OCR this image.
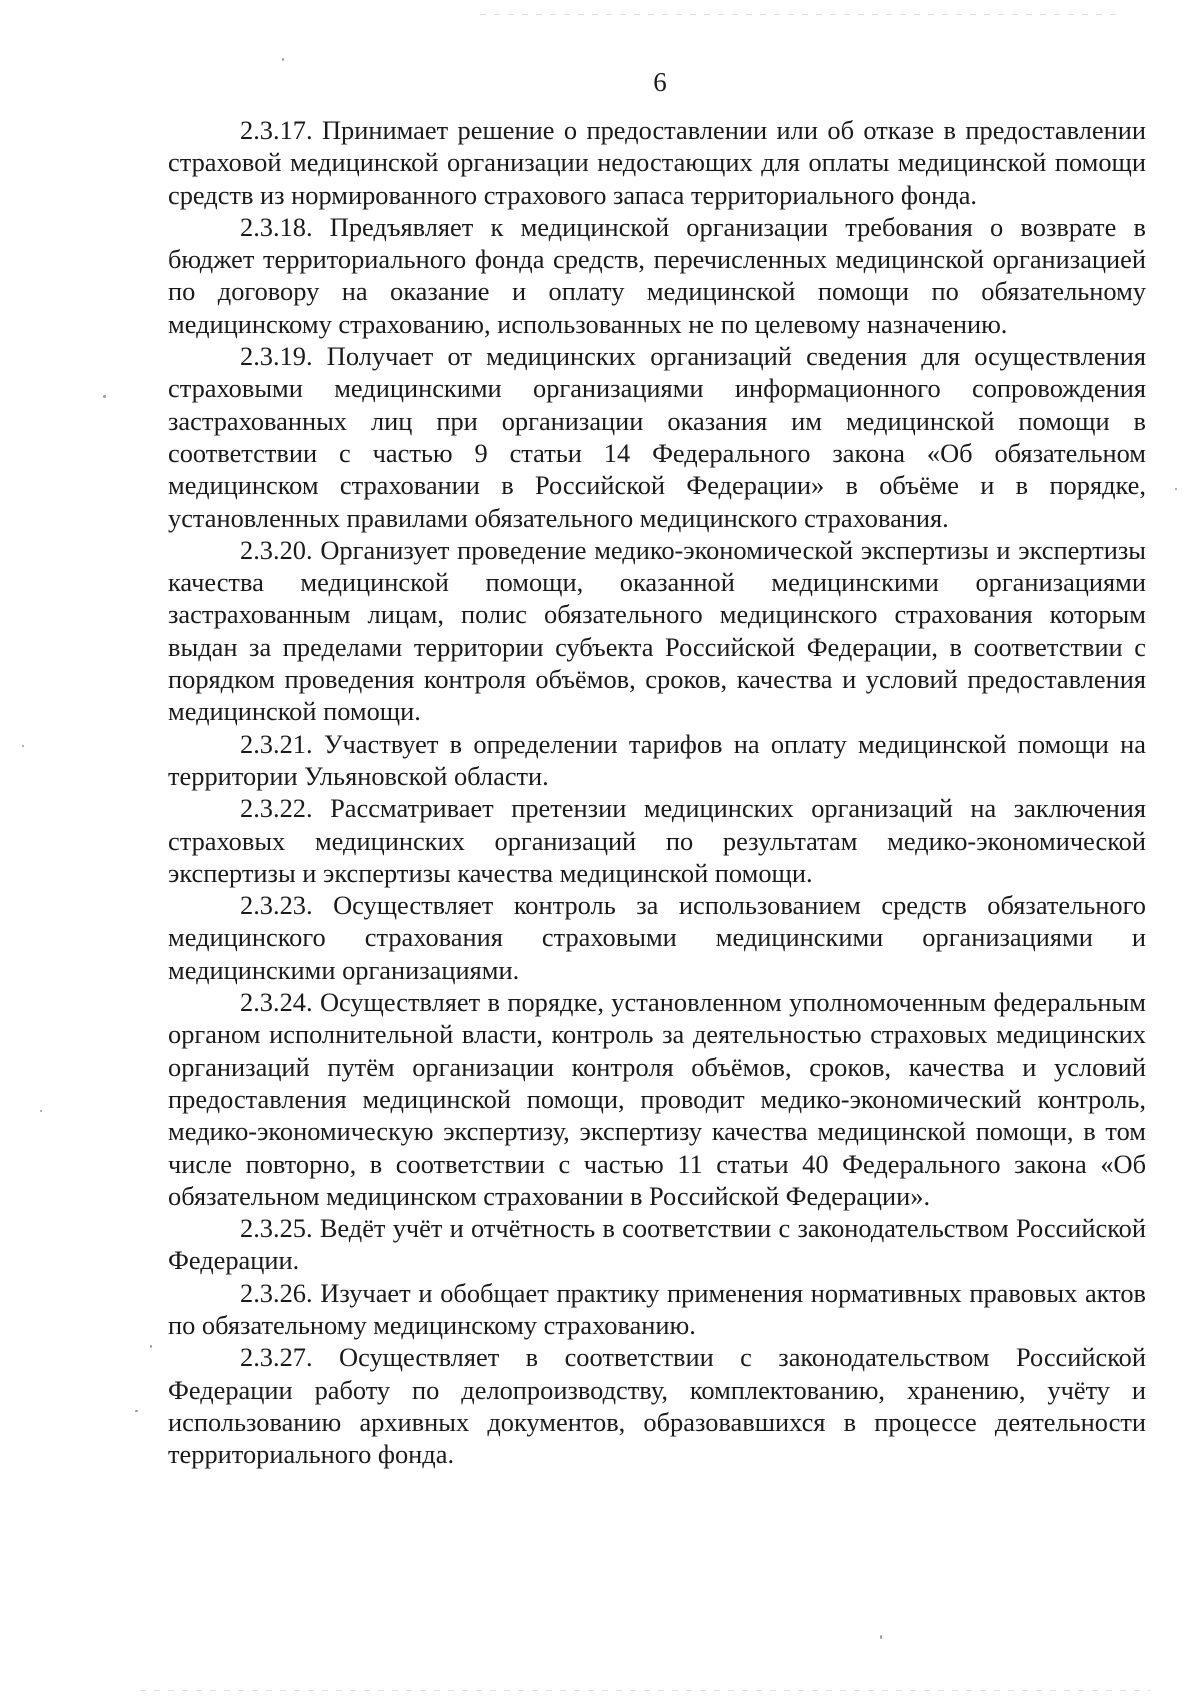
6

2.3.17. Принимает решение о предоставлении или об отказе в предоставлении страховой медицинской организации недостающих для оплаты медицинской помощи средств из нормированного страхового запаса территориального фонда.

2.3.18. Предъявляет к медицинской организации требования о возврате в бюджет территориального фонда средств, перечисленных медицинской организацией по договору на оказание и оплату медицинской помощи по обязательному медицинскому страхованию, использованных не по целевому назначению.

2.3.19. Получает от медицинских организаций сведения для осуществления страховыми медицинскими организациями информационного сопровождения застрахованных лиц при организации оказания им медицинской помощи в соответствии с частью 9 статьи 14 Федерального закона «Об обязательном медицинском страховании в Российской Федерации» в объёме и в порядке, установленных правилами обязательного медицинского страхования.

2.3.20. Организует проведение медико-экономической экспертизы и экспертизы качества медицинской помощи, оказанной медицинскими организациями застрахованным лицам, полис обязательного медицинского страхования которым выдан за пределами территории субъекта Российской Федерации, в соответствии с порядком проведения контроля объёмов, сроков, качества и условий предоставления медицинской помощи.

2.3.21. Участвует в определении тарифов на оплату медицинской помощи на территории Ульяновской области.

2.3.22. Рассматривает претензии медицинских организаций на заключения страховых медицинских организаций по результатам медико-экономической экспертизы и экспертизы качества медицинской помощи.

2.3.23. Осуществляет контроль за использованием средств обязательного медицинского страхования страховыми медицинскими организациями и медицинскими организациями.

2.3.24. Осуществляет в порядке, установленном уполномоченным федеральным органом исполнительной власти, контроль за деятельностью страховых медицинских организаций путём организации контроля объёмов, сроков, качества и условий предоставления медицинской помощи, проводит медико-экономический контроль, медико-экономическую экспертизу, экспертизу качества медицинской помощи, в том числе повторно, в соответствии с частью 11 статьи 40 Федерального закона «Об обязательном медицинском страховании в Российской Федерации».

2.3.25. Ведёт учёт и отчётность в соответствии с законодательством Российской Федерации.

2.3.26. Изучает и обобщает практику применения нормативных правовых актов по обязательному медицинскому страхованию.

2.3.27. Осуществляет в соответствии с законодательством Российской Федерации работу по делопроизводству, комплектованию, хранению, учёту и использованию архивных документов, образовавшихся в процессе деятельности территориального фонда.
